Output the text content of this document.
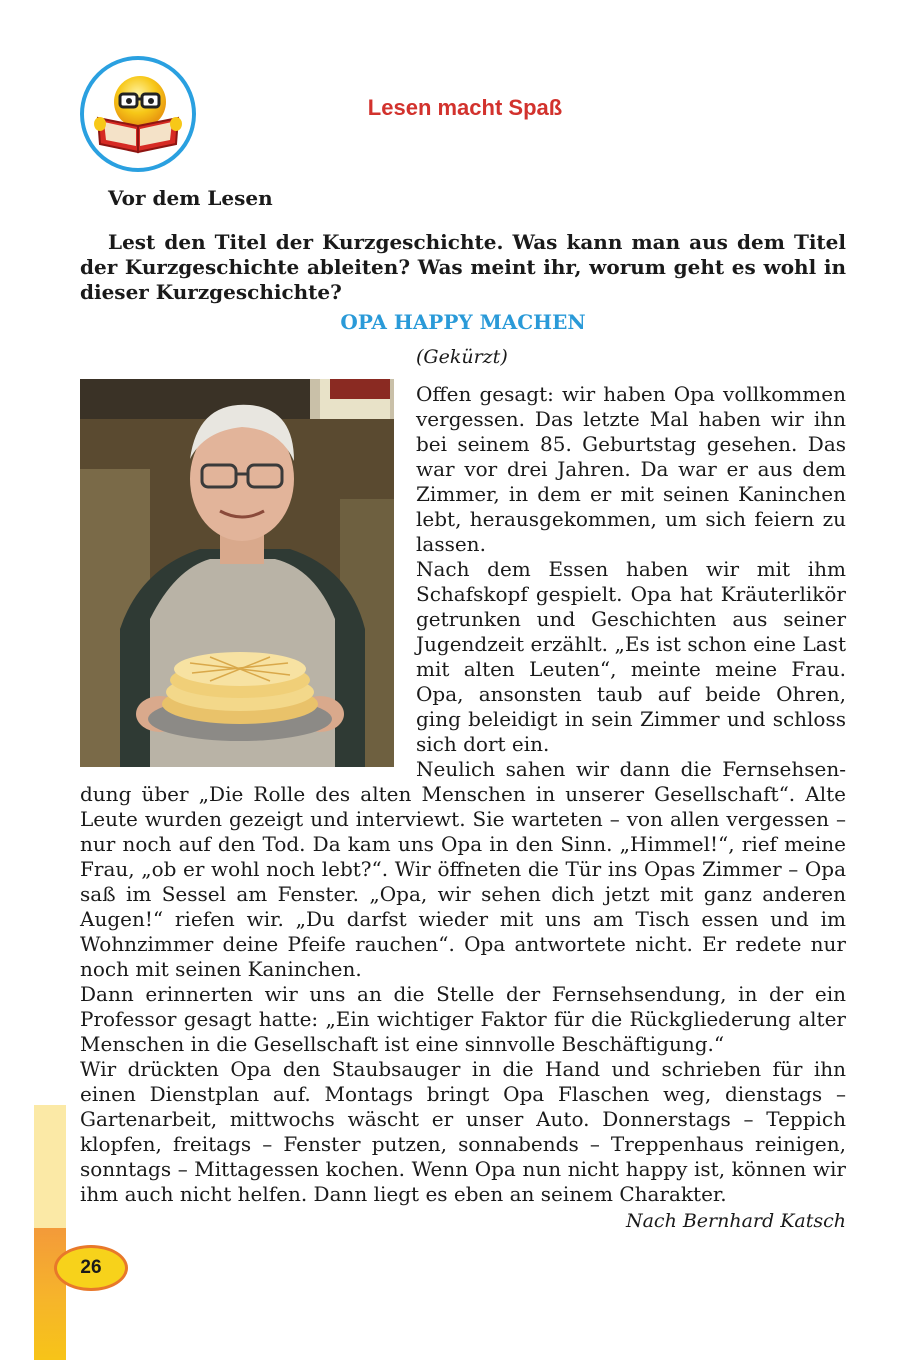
26
Lesen macht Spaß
Vor dem Lesen

Lest den Titel der Kurzgeschichte. Was kann man aus dem Titel der Kurzgeschichte ableiten? Was meint ihr, worum geht es wohl in dieser Kurzgeschichte?

OPA HAPPY MACHEN
(Gekürzt)

Offen gesagt: wir haben Opa vollkommen vergessen. Das letzte Mal haben wir ihn bei seinem 85. Geburtstag gesehen. Das war vor drei Jahren. Da war er aus dem Zimmer, in dem er mit seinen Kaninchen lebt, herausgekommen, um sich feiern zu lassen.

Nach dem Essen haben wir mit ihm Schafskopf gespielt. Opa hat Kräuterlikör getrunken und Geschichten aus seiner Jugendzeit erzählt. „Es ist schon eine Last mit alten Leuten“, meinte meine Frau. Opa, ansonsten taub auf beide Ohren, ging beleidigt in sein Zimmer und schloss sich dort ein.

Neulich sahen wir dann die Fernsehsen-

dung über „Die Rolle des alten Menschen in unserer Gesellschaft“. Alte Leute wurden gezeigt und interviewt. Sie warteten – von allen vergessen – nur noch auf den Tod. Da kam uns Opa in den Sinn. „Himmel!“, rief meine Frau, „ob er wohl noch lebt?“. Wir öffneten die Tür ins Opas Zimmer – Opa saß im Sessel am Fenster. „Opa, wir sehen dich jetzt mit ganz anderen Augen!“ riefen wir. „Du darfst wieder mit uns am Tisch essen und im Wohnzimmer deine Pfeife rauchen“. Opa antwortete nicht. Er redete nur noch mit seinen Kaninchen.

Dann erinnerten wir uns an die Stelle der Fernsehsendung, in der ein Professor gesagt hatte: „Ein wichtiger Faktor für die Rückgliederung alter Menschen in die Gesellschaft ist eine sinnvolle Beschäftigung.“

Wir drückten Opa den Staubsauger in die Hand und schrieben für ihn einen Dienstplan auf. Montags bringt Opa Flaschen weg, dienstags – Gartenarbeit, mittwochs wäscht er unser Auto. Donnerstags – Teppich klopfen, freitags – Fenster putzen, sonnabends – Treppenhaus reinigen, sonntags – Mittagessen kochen. Wenn Opa nun nicht happy ist, können wir ihm auch nicht helfen. Dann liegt es eben an seinem Charakter.

Nach Bernhard Katsch
